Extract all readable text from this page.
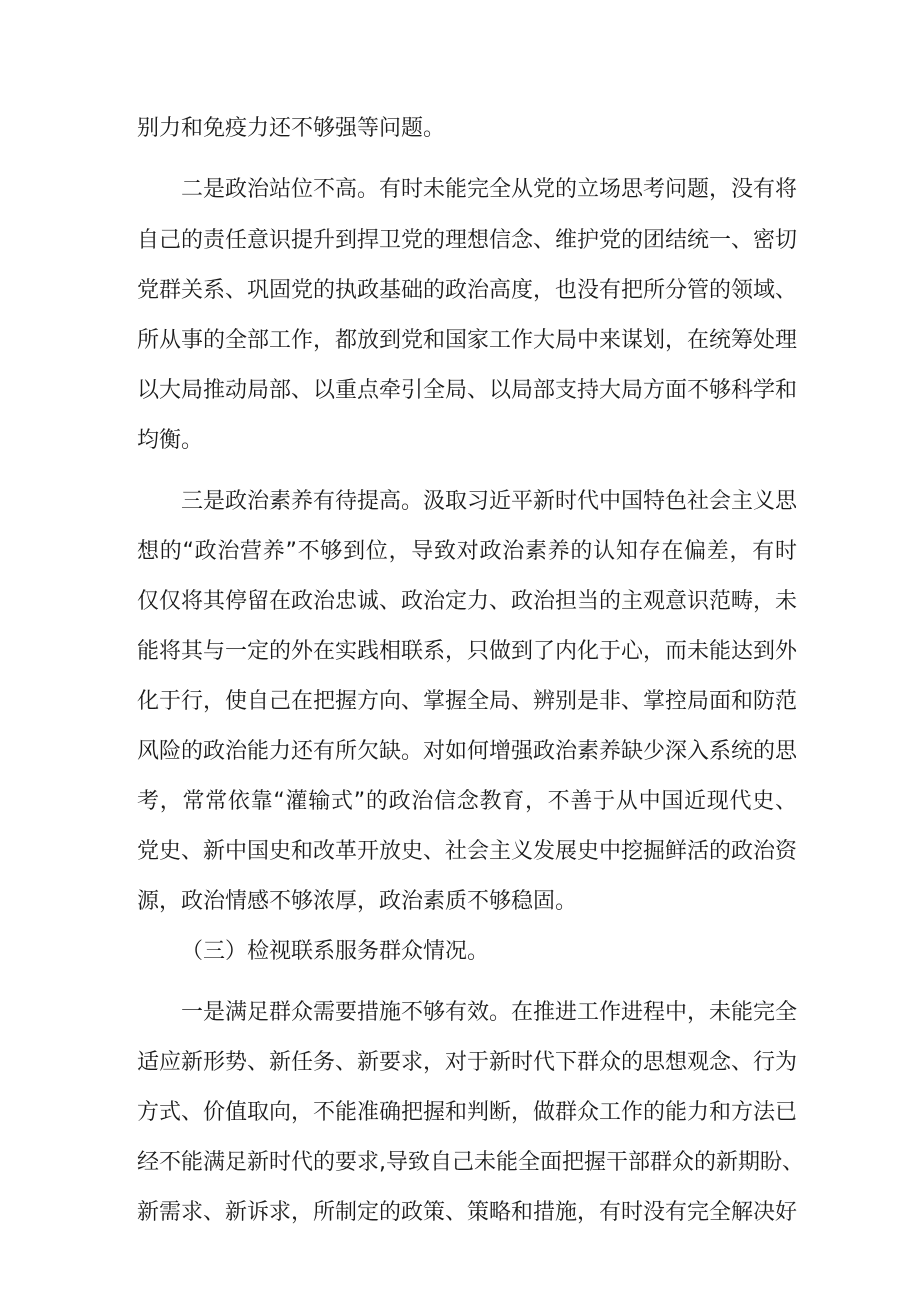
别力和免疫力还不够强等问题。
二是政治站位不高。有时未能完全从党的立场思考问题，没有将
自己的责任意识提升到捍卫党的理想信念、维护党的团结统一、密切
党群关系、巩固党的执政基础的政治高度，也没有把所分管的领域、
所从事的全部工作，都放到党和国家工作大局中来谋划，在统筹处理
以大局推动局部、以重点牵引全局、以局部支持大局方面不够科学和
均衡。
三是政治素养有待提高。汲取习近平新时代中国特色社会主义思
想的“政治营养”不够到位，导致对政治素养的认知存在偏差，有时
仅仅将其停留在政治忠诚、政治定力、政治担当的主观意识范畴，未
能将其与一定的外在实践相联系，只做到了内化于心，而未能达到外
化于行，使自己在把握方向、掌握全局、辨别是非、掌控局面和防范
风险的政治能力还有所欠缺。对如何增强政治素养缺少深入系统的思
考，常常依靠“灌输式”的政治信念教育，不善于从中国近现代史、
党史、新中国史和改革开放史、社会主义发展史中挖掘鲜活的政治资
源，政治情感不够浓厚，政治素质不够稳固。
（三）检视联系服务群众情况。
一是满足群众需要措施不够有效。在推进工作进程中，未能完全
适应新形势、新任务、新要求，对于新时代下群众的思想观念、行为
方式、价值取向，不能准确把握和判断，做群众工作的能力和方法已
经不能满足新时代的要求,导致自己未能全面把握干部群众的新期盼、
新需求、新诉求，所制定的政策、策略和措施，有时没有完全解决好
